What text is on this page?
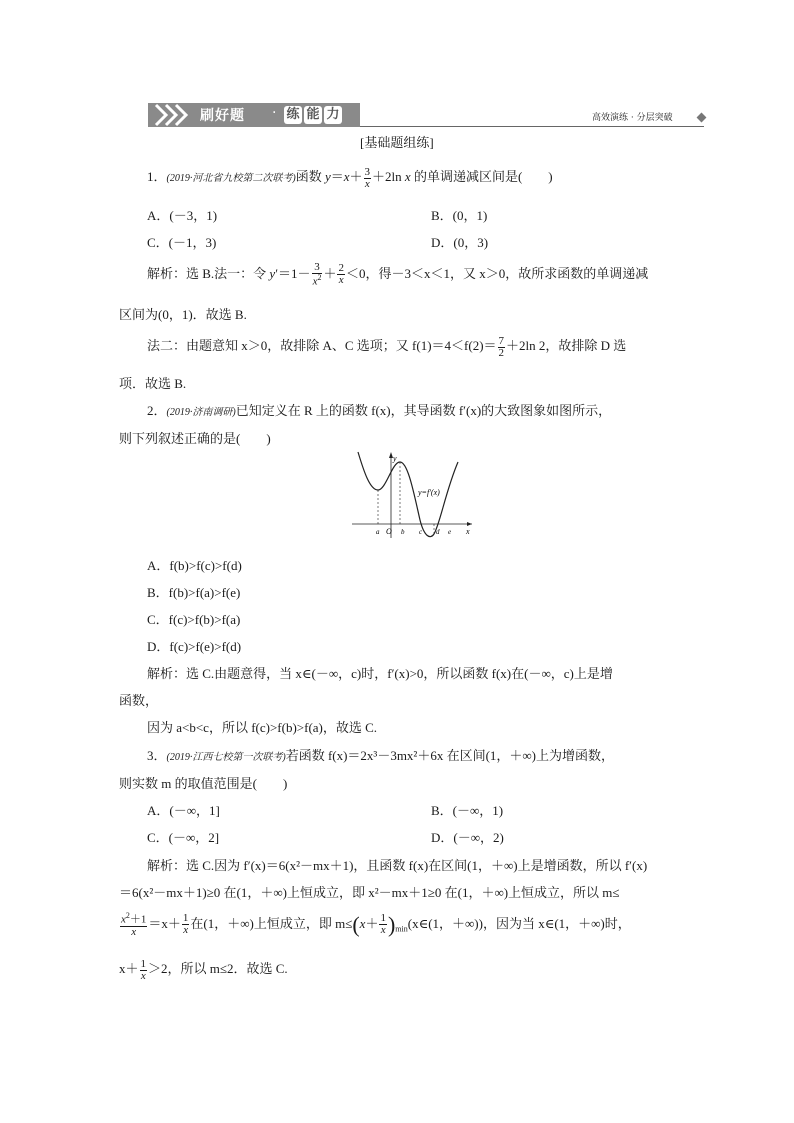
刷好题 · 练 能 力	高效演练 · 分层突破
[基础题组练]
1．(2019·河北省九校第二次联考)函数 $y=x+ \frac{3}{x} +2\ln$ x 的单调递减区间是(　　)
A．(－3，1)	B．(0，1)
C．(－1，3)	D．(0，3)
解析：选 B.法一：令 $y'=1- \frac{3}{x^2} + \frac{2}{x} <0$，得－3＜x＜1，又 x＞0，故所求函数的单调递减
区间为(0，1)．故选 B.
法二：由题意知 x＞0，故排除 A、C 选项；又 $f(1)=4<f(2)= \frac{7}{2} +2\ln$ 2，故排除 D 选
项．故选 B.
2．(2019·济南调研)已知定义在 R 上的函数 f(x)，其导函数 f′(x)的大致图象如图所示，
则下列叙述正确的是(　　)
y
x
y=f′(x)
a O b c d e
A．f(b)>f(c)>f(d)
B．f(b)>f(a)>f(e)
C．f(c)>f(b)>f(a)
D．f(c)>f(e)>f(d)
解析：选 C.由题意得，当 x∈(－∞，c)时，f′(x)>0，所以函数 f(x)在(－∞，c)上是增
函数，
因为 a<b<c，所以 f(c)>f(b)>f(a)，故选 C.
3．(2019·江西七校第一次联考)若函数 f(x)＝2x³－3mx²＋6x 在区间(1，＋∞)上为增函数，
则实数 m 的取值范围是(　　)
A．(－∞，1]	B．(－∞，1)
C．(－∞，2]	D．(－∞，2)
解析：选 C.因为 f′(x)＝6(x²－mx＋1)，且函数 f(x)在区间(1，＋∞)上是增函数，所以 f′(x)
＝6(x²－mx＋1)≥0 在(1，＋∞)上恒成立，即 x²－mx＋1≥0 在(1，＋∞)上恒成立，所以 m≤
$\frac{x^2+1}{x} =x+ \frac{1}{x}$ 在(1，＋∞)上恒成立，即 $m\le(x+ \frac{1}{x}$ )$_{min}(x\in(1$，＋∞))，因为当 x∈(1，＋∞)时，
$x+ \frac{1}{x} >2$，所以 m≤2．故选 C.
